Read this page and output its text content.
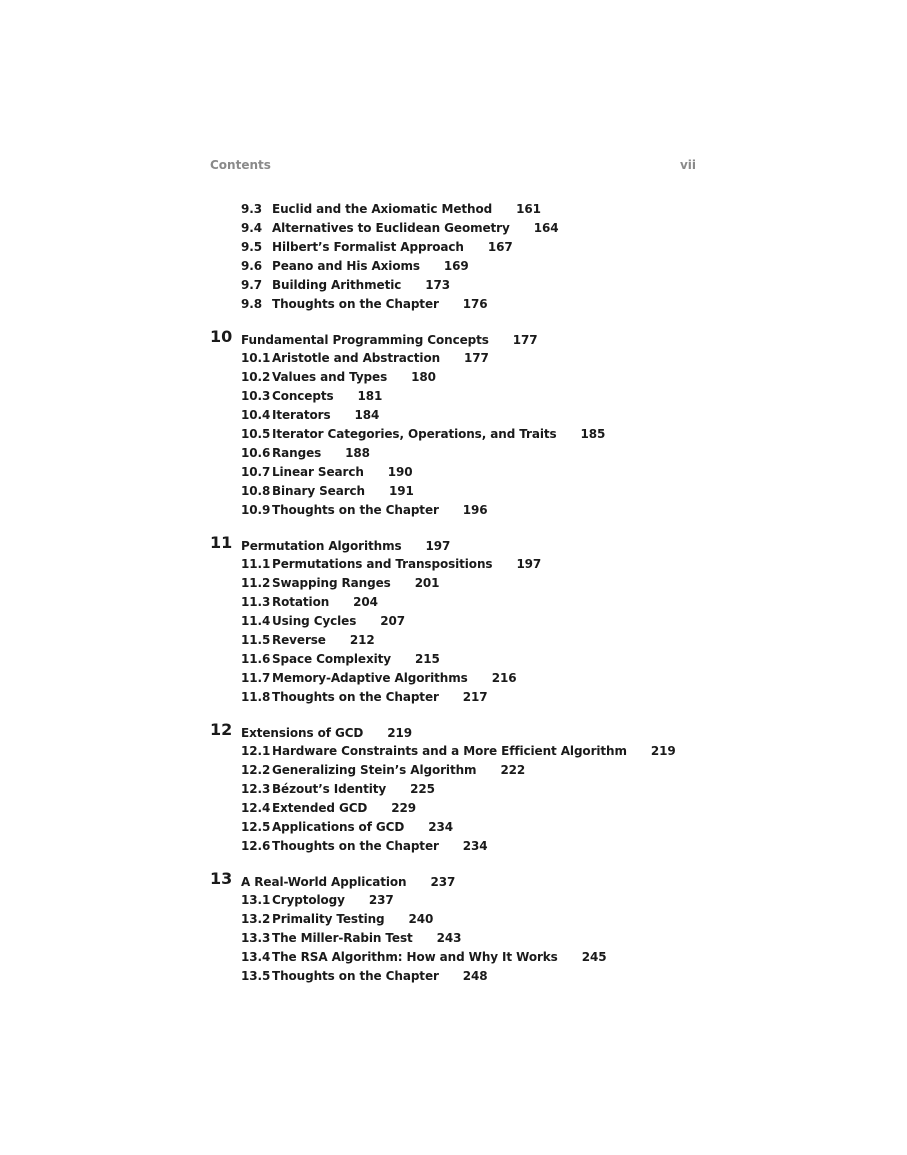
Contents	vii
9.3 Euclid and the Axiomatic Method 161
9.4 Alternatives to Euclidean Geometry 164
9.5 Hilbert’s Formalist Approach 167
9.6 Peano and His Axioms 169
9.7 Building Arithmetic 173
9.8 Thoughts on the Chapter 176
10 Fundamental Programming Concepts 177
10.1 Aristotle and Abstraction 177
10.2 Values and Types 180
10.3 Concepts 181
10.4 Iterators 184
10.5 Iterator Categories, Operations, and Traits 185
10.6 Ranges 188
10.7 Linear Search 190
10.8 Binary Search 191
10.9 Thoughts on the Chapter 196
11 Permutation Algorithms 197
11.1 Permutations and Transpositions 197
11.2 Swapping Ranges 201
11.3 Rotation 204
11.4 Using Cycles 207
11.5 Reverse 212
11.6 Space Complexity 215
11.7 Memory-Adaptive Algorithms 216
11.8 Thoughts on the Chapter 217
12 Extensions of GCD 219
12.1 Hardware Constraints and a More Efficient Algorithm 219
12.2 Generalizing Stein’s Algorithm 222
12.3 Bézout’s Identity 225
12.4 Extended GCD 229
12.5 Applications of GCD 234
12.6 Thoughts on the Chapter 234
13 A Real-World Application 237
13.1 Cryptology 237
13.2 Primality Testing 240
13.3 The Miller-Rabin Test 243
13.4 The RSA Algorithm: How and Why It Works 245
13.5 Thoughts on the Chapter 248
